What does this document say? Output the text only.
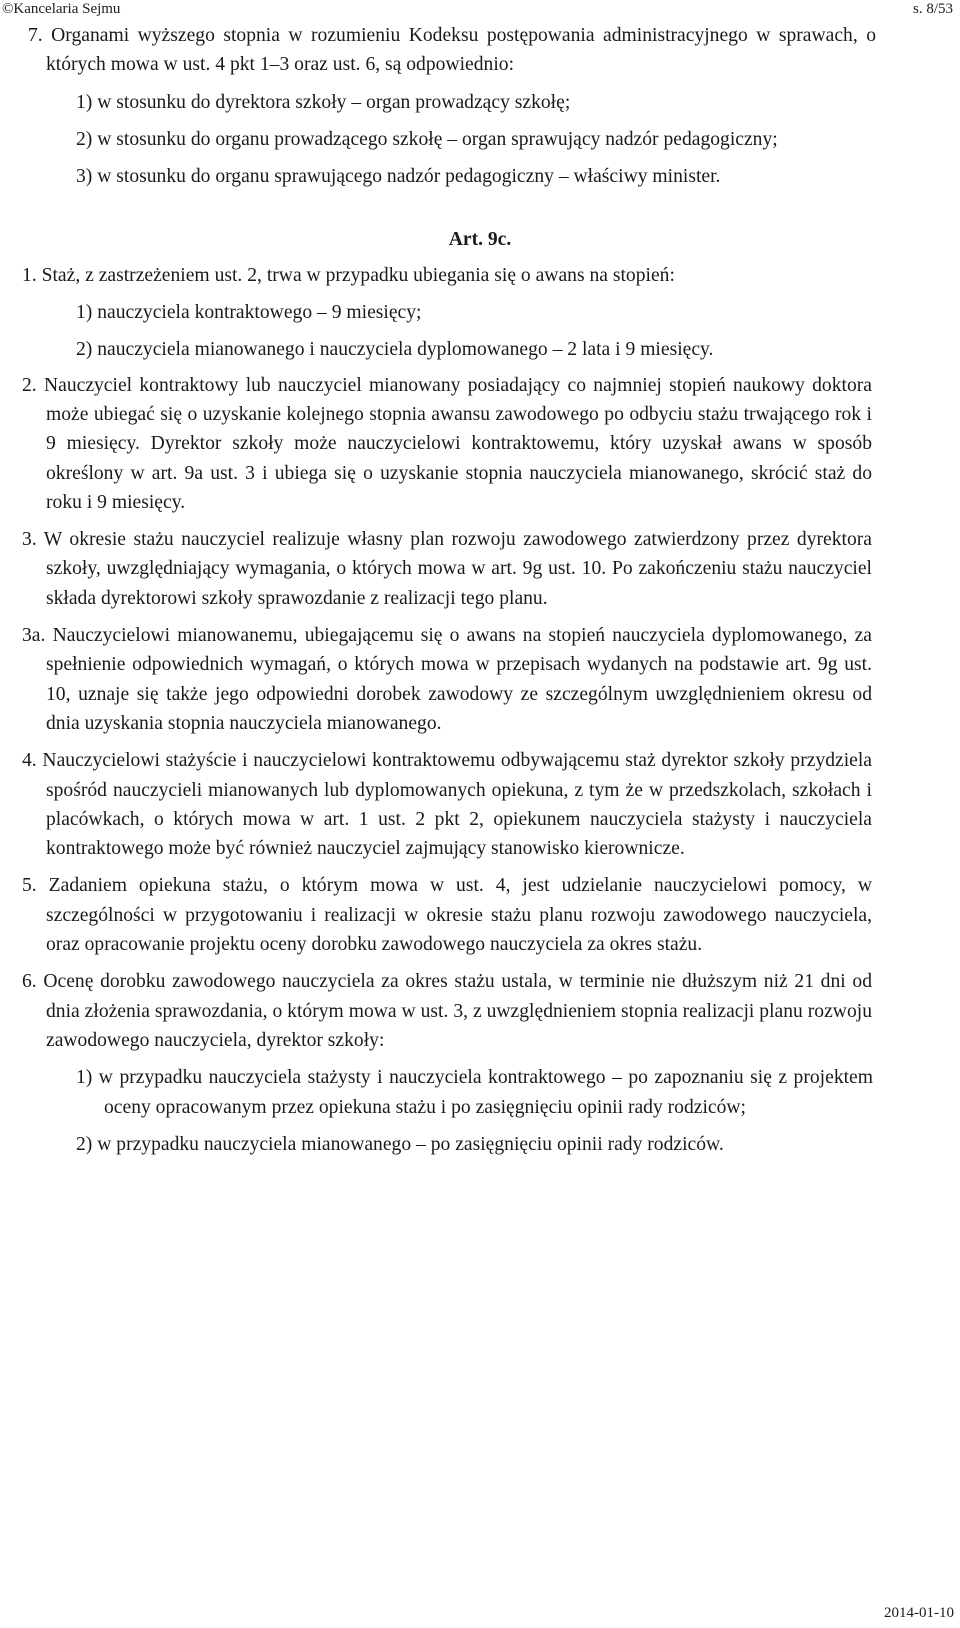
©Kancelaria Sejmu	s. 8/53
7. Organami wyższego stopnia w rozumieniu Kodeksu postępowania administracyjnego w sprawach, o których mowa w ust. 4 pkt 1–3 oraz ust. 6, są odpowiednio:
1) w stosunku do dyrektora szkoły – organ prowadzący szkołę;
2) w stosunku do organu prowadzącego szkołę – organ sprawujący nadzór pedagogiczny;
3) w stosunku do organu sprawującego nadzór pedagogiczny – właściwy minister.
Art. 9c.
1. Staż, z zastrzeżeniem ust. 2, trwa w przypadku ubiegania się o awans na stopień:
1) nauczyciela kontraktowego – 9 miesięcy;
2) nauczyciela mianowanego i nauczyciela dyplomowanego – 2 lata i 9 miesięcy.
2. Nauczyciel kontraktowy lub nauczyciel mianowany posiadający co najmniej stopień naukowy doktora może ubiegać się o uzyskanie kolejnego stopnia awansu zawodowego po odbyciu stażu trwającego rok i 9 miesięcy. Dyrektor szkoły może nauczycielowi kontraktowemu, który uzyskał awans w sposób określony w art. 9a ust. 3 i ubiega się o uzyskanie stopnia nauczyciela mianowanego, skrócić staż do roku i 9 miesięcy.
3. W okresie stażu nauczyciel realizuje własny plan rozwoju zawodowego zatwierdzony przez dyrektora szkoły, uwzględniający wymagania, o których mowa w art. 9g ust. 10. Po zakończeniu stażu nauczyciel składa dyrektorowi szkoły sprawozdanie z realizacji tego planu.
3a. Nauczycielowi mianowanemu, ubiegającemu się o awans na stopień nauczyciela dyplomowanego, za spełnienie odpowiednich wymagań, o których mowa w przepisach wydanych na podstawie art. 9g ust. 10, uznaje się także jego odpowiedni dorobek zawodowy ze szczególnym uwzględnieniem okresu od dnia uzyskania stopnia nauczyciela mianowanego.
4. Nauczycielowi stażyście i nauczycielowi kontraktowemu odbywającemu staż dyrektor szkoły przydziela spośród nauczycieli mianowanych lub dyplomowanych opiekuna, z tym że w przedszkolach, szkołach i placówkach, o których mowa w art. 1 ust. 2 pkt 2, opiekunem nauczyciela stażysty i nauczyciela kontraktowego może być również nauczyciel zajmujący stanowisko kierownicze.
5. Zadaniem opiekuna stażu, o którym mowa w ust. 4, jest udzielanie nauczycielowi pomocy, w szczególności w przygotowaniu i realizacji w okresie stażu planu rozwoju zawodowego nauczyciela, oraz opracowanie projektu oceny dorobku zawodowego nauczyciela za okres stażu.
6. Ocenę dorobku zawodowego nauczyciela za okres stażu ustala, w terminie nie dłuższym niż 21 dni od dnia złożenia sprawozdania, o którym mowa w ust. 3, z uwzględnieniem stopnia realizacji planu rozwoju zawodowego nauczyciela, dyrektor szkoły:
1) w przypadku nauczyciela stażysty i nauczyciela kontraktowego – po zapoznaniu się z projektem oceny opracowanym przez opiekuna stażu i po zasięgnięciu opinii rady rodziców;
2) w przypadku nauczyciela mianowanego – po zasięgnięciu opinii rady rodziców.
2014-01-10
